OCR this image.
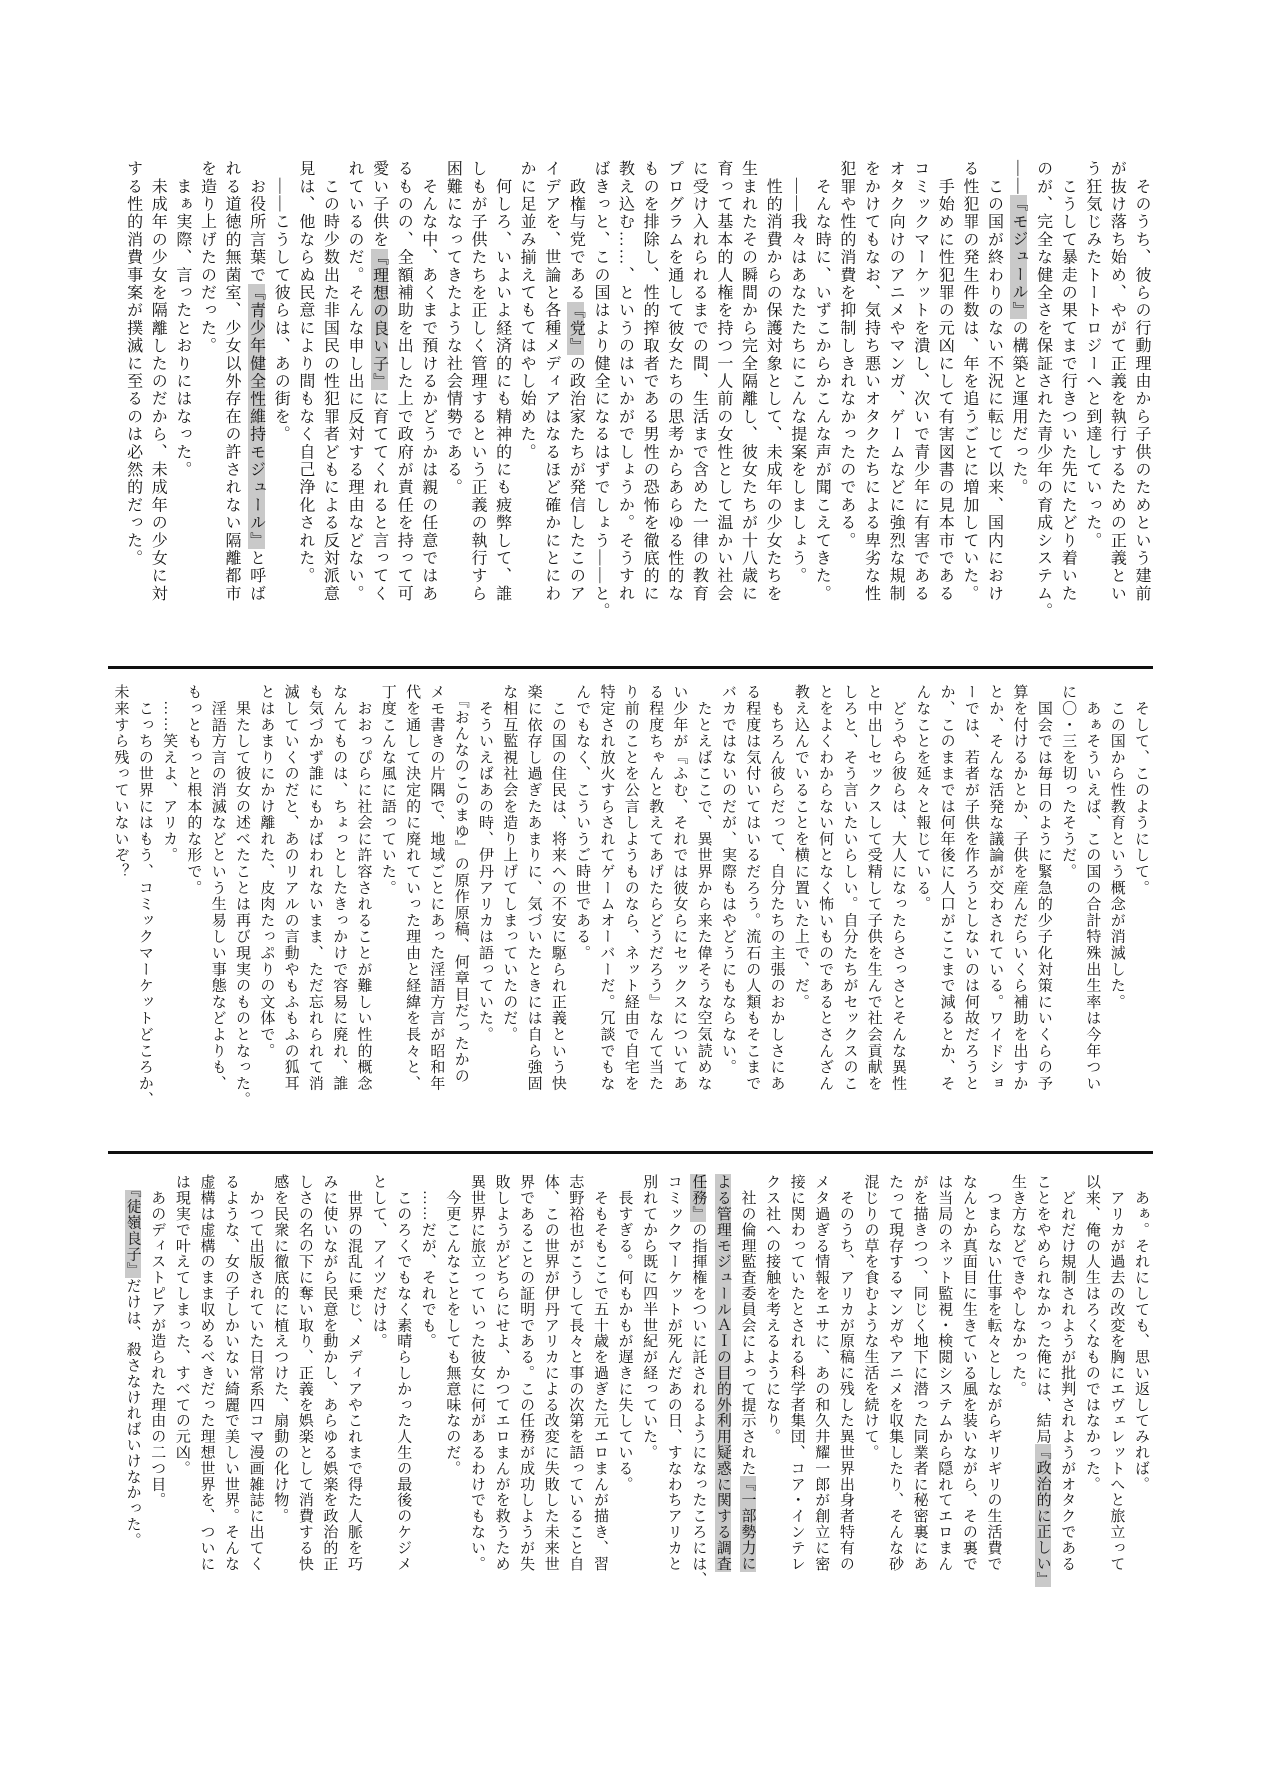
　そのうち、彼らの行動理由から子供のためという建前
が抜け落ち始め、やがて正義を執行するための正義とい
う狂気じみたトートロジーへと到達していった。
　こうして暴走の果てまで行きついた先にたどり着いた
のが、完全な健全さを保証された青少年の育成システム。
――『モジュール』の構築と運用だった。
　この国が終わりのない不況に転じて以来、国内におけ
る性犯罪の発生件数は、年を追うごとに増加していた。
　手始めに性犯罪の元凶にして有害図書の見本市である
コミックマーケットを潰し、次いで青少年に有害である
オタク向けのアニメやマンガ、ゲームなどに強烈な規制
をかけてもなお、気持ち悪いオタクたちによる卑劣な性
犯罪や性的消費を抑制しきれなかったのである。
　そんな時に、いずこからかこんな声が聞こえてきた。
　――我々はあなたたちにこんな提案をしましょう。
　性的消費からの保護対象として、未成年の少女たちを
生まれたその瞬間から完全隔離し、彼女たちが十八歳に
育って基本的人権を持つ一人前の女性として温かい社会
に受け入れられるまでの間、生活まで含めた一律の教育
プログラムを通して彼女たちの思考からあらゆる性的な
ものを排除し、性的搾取者である男性の恐怖を徹底的に
教え込む……、というのはいかがでしょうか。そうすれ
ばきっと、この国はより健全になるはずでしょう――と。
　政権与党である『党』の政治家たちが発信したこのア
イデアを、世論と各種メディアはなるほど確かにとにわ
かに足並み揃えてもてはやし始めた。
　何しろ、いよいよ経済的にも精神的にも疲弊して、誰
しもが子供たちを正しく管理するという正義の執行すら
困難になってきたような社会情勢である。
　そんな中、あくまで預けるかどうかは親の任意ではあ
るものの、全額補助を出した上で政府が責任を持って可
愛い子供を『理想の良い子』に育ててくれると言ってく
れているのだ。そんな申し出に反対する理由などない。
　この時少数出た非国民の性犯罪者どもによる反対派意
見は、他ならぬ民意により間もなく自己浄化された。
　――こうして彼らは、あの街を。
　お役所言葉で『青少年健全性維持モジュール』と呼ば
れる道徳的無菌室、少女以外存在の許されない隔離都市
を造り上げたのだった。
　まぁ実際、言ったとおりにはなった。
　未成年の少女を隔離したのだから、未成年の少女に対
する性的消費事案が撲滅に至るのは必然的だった。
　そして、このようにして。
　この国から性教育という概念が消滅した。
　あぁそういえば、この国の合計特殊出生率は今年つい
に〇・三を切ったそうだ。
　国会では毎日のように緊急的少子化対策にいくらの予
算を付けるかとか、子供を産んだらいくら補助を出すか
とか、そんな活発な議論が交わされている。ワイドショ
ーでは、若者が子供を作ろうとしないのは何故だろうと
か、このままでは何年後に人口がここまで減るとか、そ
んなことを延々と報じている。
　どうやら彼らは、大人になったらさっさとそんな異性
と中出しセックスして受精して子供を生んで社会貢献を
しろと、そう言いたいらしい。自分たちがセックスのこ
とをよくわからない何となく怖いものであるとさんざん
教え込んでいることを横に置いた上で、だ。
　もちろん彼らだって、自分たちの主張のおかしさにあ
る程度は気付いてはいるだろう。流石の人類もそこまで
バカではないのだが、実際もはやどうにもならない。
　たとえばここで、異世界から来た偉そうな空気読めな
い少年が『ふむ、それでは彼女らにセックスについてあ
る程度ちゃんと教えてあげたらどうだろう』なんて当た
り前のことを公言しようものなら、ネット経由で自宅を
特定され放火すらされてゲームオーバーだ。冗談でもな
んでもなく、こういうご時世である。
　この国の住民は、将来への不安に駆られ正義という快
楽に依存し過ぎたあまりに、気づいたときには自ら強固
な相互監視社会を造り上げてしまっていたのだ。
　そういえばあの時、伊丹アリカは語っていた。
　『おんなのこのまゆ』の原作原稿、何章目だったかの
メモ書きの片隅で、地域ごとにあった淫語方言が昭和年
代を通して決定的に廃れていった理由と経緯を長々と、
丁度こんな風に語っていた。
　おおっぴらに社会に許容されることが難しい性的概念
なんてものは、ちょっとしたきっかけで容易に廃れ、誰
も気づかず誰にもかばわれないまま、ただ忘れられて消
滅していくのだと、あのリアルの言動やもふもふの狐耳
とはあまりにかけ離れた、皮肉たっぷりの文体で。
　果たして彼女の述べたことは再び現実のものとなった。
　淫語方言の消滅などという生易しい事態などよりも、
もっともっと根本的な形で。
　……笑えよ、アリカ。
　こっちの世界にはもう、コミックマーケットどころか、
未来すら残っていないぞ？
　あぁ。それにしても、思い返してみれば。
　アリカが過去の改変を胸にエヴェレットへと旅立って
以来、俺の人生はろくなものではなかった。
　どれだけ規制されようが批判されようがオタクである
ことをやめられなかった俺には、結局『政治的に正しい』
生き方などできやしなかった。
　つまらない仕事を転々としながらギリギリの生活費で
なんとか真面目に生きている風を装いながら、その裏で
は当局のネット監視・検閲システムから隠れてエロまん
がを描きつつ、同じく地下に潜った同業者に秘密裏にあ
たって現存するマンガやアニメを収集したり、そんな砂
混じりの草を食むような生活を続けて。
　そのうち、アリカが原稿に残した異世界出身者特有の
メタ過ぎる情報をエサに、あの和久井耀一郎が創立に密
接に関わっていたとされる科学者集団、コア・インテレ
クス社への接触を考えるようになり。
　社の倫理監査委員会によって提示された『一部勢力に
よる管理モジュールＡＩの目的外利用疑惑に関する調査
任務』の指揮権をついに託されるようになったころには、
コミックマーケットが死んだあの日、すなわちアリカと
別れてから既に四半世紀が経っていた。
　長すぎる。何もかもが遅きに失している。
　そもそもここで五十歳を過ぎた元エロまんが描き、習
志野裕也がこうして長々と事の次第を語っていること自
体、この世界が伊丹アリカによる改変に失敗した未来世
界であることの証明である。この任務が成功しようが失
敗しようがどちらにせよ、かつてエロまんがを救うため
異世界に旅立っていった彼女に何があるわけでもない。
　今更こんなことをしても無意味なのだ。
　……だが、それでも。
　このろくでもなく素晴らしかった人生の最後のケジメ
として、アイツだけは。
　世界の混乱に乗じ、メディアやこれまで得た人脈を巧
みに使いながら民意を動かし、あらゆる娯楽を政治的正
しさの名の下に奪い取り、正義を娯楽として消費する快
感を民衆に徹底的に植えつけた、扇動の化け物。
　かつて出版されていた日常系四コマ漫画雑誌に出てく
るような、女の子しかいない綺麗で美しい世界。そんな
虚構は虚構のまま収めるべきだった理想世界を、ついに
は現実で叶えてしまった、すべての元凶。
　あのディストピアが造られた理由の二つ目。
　『徒嶺良子』だけは、殺さなければいけなかった。
